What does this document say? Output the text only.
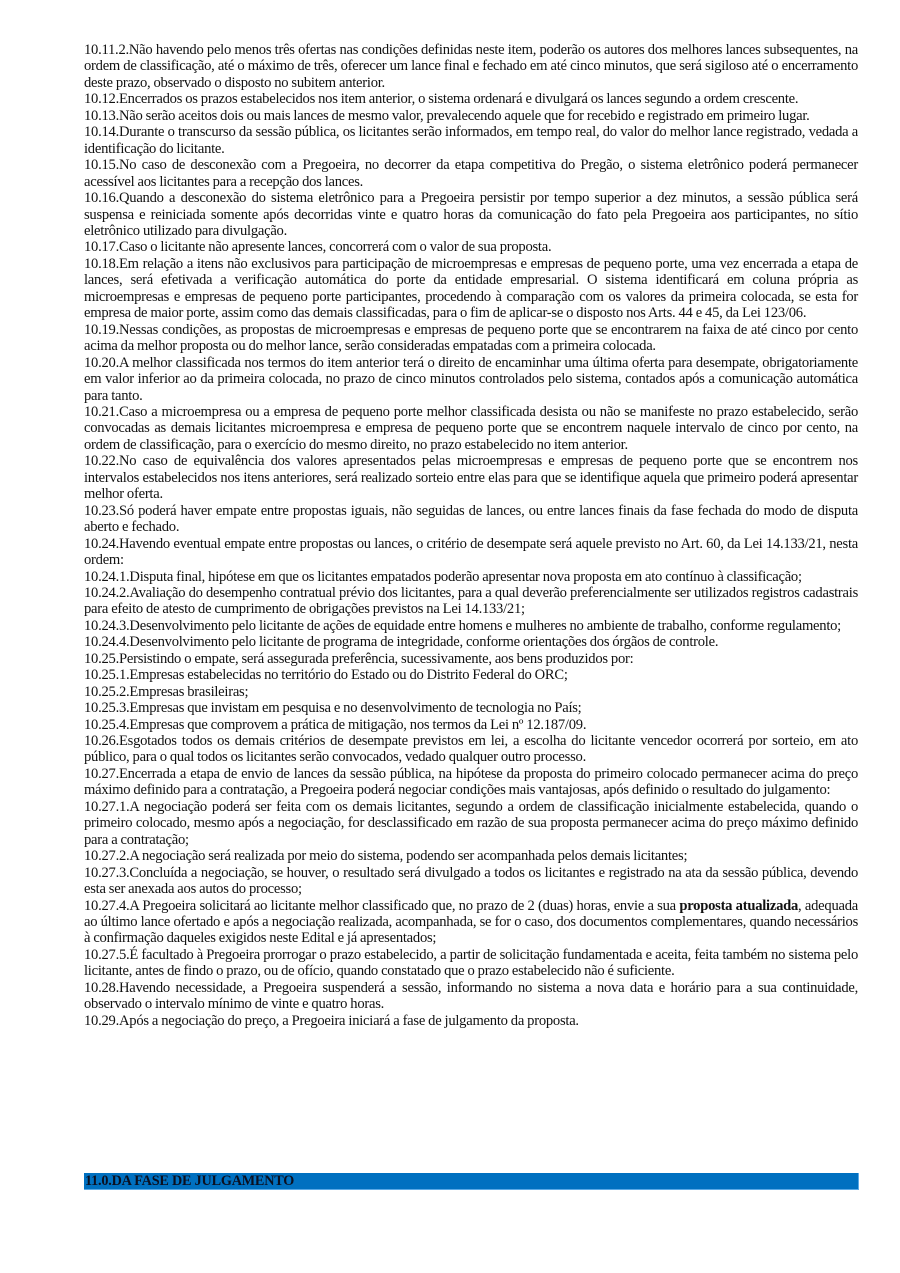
10.11.2.Não havendo pelo menos três ofertas nas condições definidas neste item, poderão os autores dos melhores lances subsequentes, na ordem de classificação, até o máximo de três, oferecer um lance final e fechado em até cinco minutos, que será sigiloso até o encerramento deste prazo, observado o disposto no subitem anterior.

10.12.Encerrados os prazos estabelecidos nos item anterior, o sistema ordenará e divulgará os lances segundo a ordem crescente.

10.13.Não serão aceitos dois ou mais lances de mesmo valor, prevalecendo aquele que for recebido e registrado em primeiro lugar.

10.14.Durante o transcurso da sessão pública, os licitantes serão informados, em tempo real, do valor do melhor lance registrado, vedada a identificação do licitante.

10.15.No caso de desconexão com a Pregoeira, no decorrer da etapa competitiva do Pregão, o sistema eletrônico poderá permanecer acessível aos licitantes para a recepção dos lances.

10.16.Quando a desconexão do sistema eletrônico para a Pregoeira persistir por tempo superior a dez minutos, a sessão pública será suspensa e reiniciada somente após decorridas vinte e quatro horas da comunicação do fato pela Pregoeira aos participantes, no sítio eletrônico utilizado para divulgação.

10.17.Caso o licitante não apresente lances, concorrerá com o valor de sua proposta.

10.18.Em relação a itens não exclusivos para participação de microempresas e empresas de pequeno porte, uma vez encerrada a etapa de lances, será efetivada a verificação automática do porte da entidade empresarial. O sistema identificará em coluna própria as microempresas e empresas de pequeno porte participantes, procedendo à comparação com os valores da primeira colocada, se esta for empresa de maior porte, assim como das demais classificadas, para o fim de aplicar-se o disposto nos Arts. 44 e 45, da Lei 123/06.

10.19.Nessas condições, as propostas de microempresas e empresas de pequeno porte que se encontrarem na faixa de até cinco por cento acima da melhor proposta ou do melhor lance, serão consideradas empatadas com a primeira colocada.

10.20.A melhor classificada nos termos do item anterior terá o direito de encaminhar uma última oferta para desempate, obrigatoriamente em valor inferior ao da primeira colocada, no prazo de cinco minutos controlados pelo sistema, contados após a comunicação automática para tanto.

10.21.Caso a microempresa ou a empresa de pequeno porte melhor classificada desista ou não se manifeste no prazo estabelecido, serão convocadas as demais licitantes microempresa e empresa de pequeno porte que se encontrem naquele intervalo de cinco por cento, na ordem de classificação, para o exercício do mesmo direito, no prazo estabelecido no item anterior.

10.22.No caso de equivalência dos valores apresentados pelas microempresas e empresas de pequeno porte que se encontrem nos intervalos estabelecidos nos itens anteriores, será realizado sorteio entre elas para que se identifique aquela que primeiro poderá apresentar melhor oferta.

10.23.Só poderá haver empate entre propostas iguais, não seguidas de lances, ou entre lances finais da fase fechada do modo de disputa aberto e fechado.

10.24.Havendo eventual empate entre propostas ou lances, o critério de desempate será aquele previsto no Art. 60, da Lei 14.133/21, nesta ordem:

10.24.1.Disputa final, hipótese em que os licitantes empatados poderão apresentar nova proposta em ato contínuo à classificação;

10.24.2.Avaliação do desempenho contratual prévio dos licitantes, para a qual deverão preferencialmente ser utilizados registros cadastrais para efeito de atesto de cumprimento de obrigações previstos na Lei 14.133/21;

10.24.3.Desenvolvimento pelo licitante de ações de equidade entre homens e mulheres no ambiente de trabalho, conforme regulamento;

10.24.4.Desenvolvimento pelo licitante de programa de integridade, conforme orientações dos órgãos de controle.

10.25.Persistindo o empate, será assegurada preferência, sucessivamente, aos bens produzidos por:

10.25.1.Empresas estabelecidas no território do Estado ou do Distrito Federal do ORC;

10.25.2.Empresas brasileiras;

10.25.3.Empresas que invistam em pesquisa e no desenvolvimento de tecnologia no País;

10.25.4.Empresas que comprovem a prática de mitigação, nos termos da Lei nº 12.187/09.

10.26.Esgotados todos os demais critérios de desempate previstos em lei, a escolha do licitante vencedor ocorrerá por sorteio, em ato público, para o qual todos os licitantes serão convocados, vedado qualquer outro processo.

10.27.Encerrada a etapa de envio de lances da sessão pública, na hipótese da proposta do primeiro colocado permanecer acima do preço máximo definido para a contratação, a Pregoeira poderá negociar condições mais vantajosas, após definido o resultado do julgamento:

10.27.1.A negociação poderá ser feita com os demais licitantes, segundo a ordem de classificação inicialmente estabelecida, quando o primeiro colocado, mesmo após a negociação, for desclassificado em razão de sua proposta permanecer acima do preço máximo definido para a contratação;

10.27.2.A negociação será realizada por meio do sistema, podendo ser acompanhada pelos demais licitantes;

10.27.3.Concluída a negociação, se houver, o resultado será divulgado a todos os licitantes e registrado na ata da sessão pública, devendo esta ser anexada aos autos do processo;

10.27.4.A Pregoeira solicitará ao licitante melhor classificado que, no prazo de 2 (duas) horas, envie a sua proposta atualizada, adequada ao último lance ofertado e após a negociação realizada, acompanhada, se for o caso, dos documentos complementares, quando necessários à confirmação daqueles exigidos neste Edital e já apresentados;

10.27.5.É facultado à Pregoeira prorrogar o prazo estabelecido, a partir de solicitação fundamentada e aceita, feita também no sistema pelo licitante, antes de findo o prazo, ou de ofício, quando constatado que o prazo estabelecido não é suficiente.

10.28.Havendo necessidade, a Pregoeira suspenderá a sessão, informando no sistema a nova data e horário para a sua continuidade, observado o intervalo mínimo de vinte e quatro horas.

10.29.Após a negociação do preço, a Pregoeira iniciará a fase de julgamento da proposta.

11.0.DA FASE DE JULGAMENTO
